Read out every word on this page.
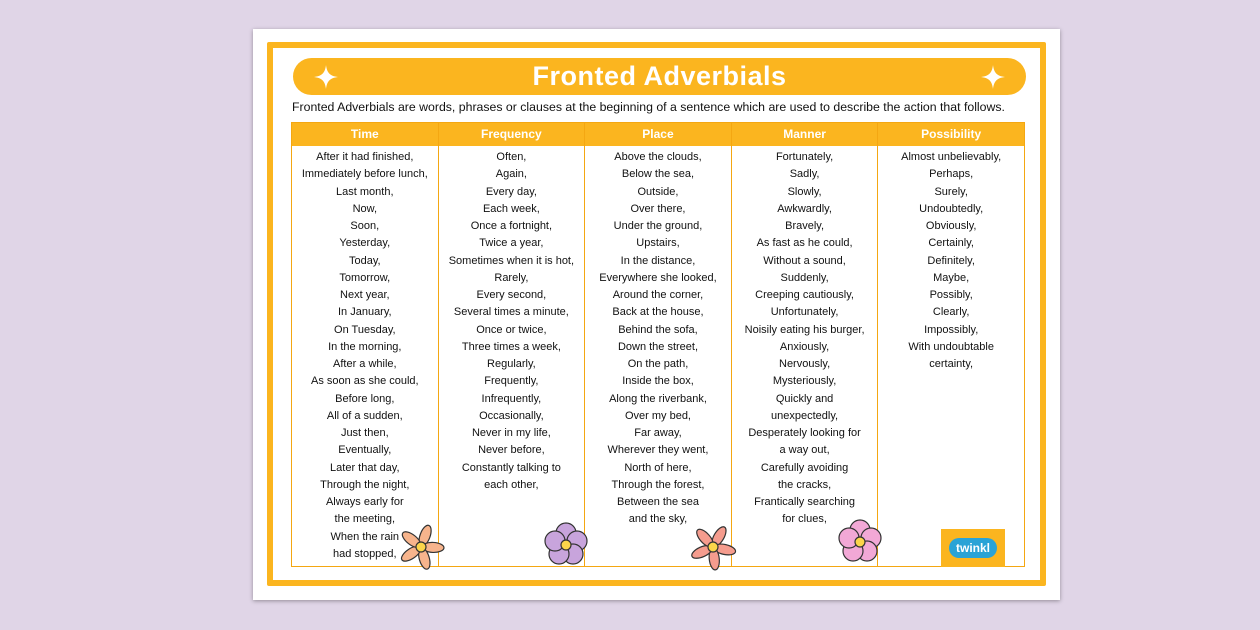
Fronted Adverbials
Fronted Adverbials are words, phrases or clauses at the beginning of a sentence which are used to describe the action that follows.
Time
After it had finished,
Immediately before lunch,
Last month,
Now,
Soon,
Yesterday,
Today,
Tomorrow,
Next year,
In January,
On Tuesday,
In the morning,
After a while,
As soon as she could,
Before long,
All of a sudden,
Just then,
Eventually,
Later that day,
Through the night,
Always early for
the meeting,
When the rain
had stopped,
Frequency
Often,
Again,
Every day,
Each week,
Once a fortnight,
Twice a year,
Sometimes when it is hot,
Rarely,
Every second,
Several times a minute,
Once or twice,
Three times a week,
Regularly,
Frequently,
Infrequently,
Occasionally,
Never in my life,
Never before,
Constantly talking to
each other,
Place
Above the clouds,
Below the sea,
Outside,
Over there,
Under the ground,
Upstairs,
In the distance,
Everywhere she looked,
Around the corner,
Back at the house,
Behind the sofa,
Down the street,
On the path,
Inside the box,
Along the riverbank,
Over my bed,
Far away,
Wherever they went,
North of here,
Through the forest,
Between the sea
and the sky,
Manner
Fortunately,
Sadly,
Slowly,
Awkwardly,
Bravely,
As fast as he could,
Without a sound,
Suddenly,
Creeping cautiously,
Unfortunately,
Noisily eating his burger,
Anxiously,
Nervously,
Mysteriously,
Quickly and
unexpectedly,
Desperately looking for
a way out,
Carefully avoiding
the cracks,
Frantically searching
for clues,
Possibility
Almost unbelievably,
Perhaps,
Surely,
Undoubtedly,
Obviously,
Certainly,
Definitely,
Maybe,
Possibly,
Clearly,
Impossibly,
With undoubtable
certainty,
twinkl
